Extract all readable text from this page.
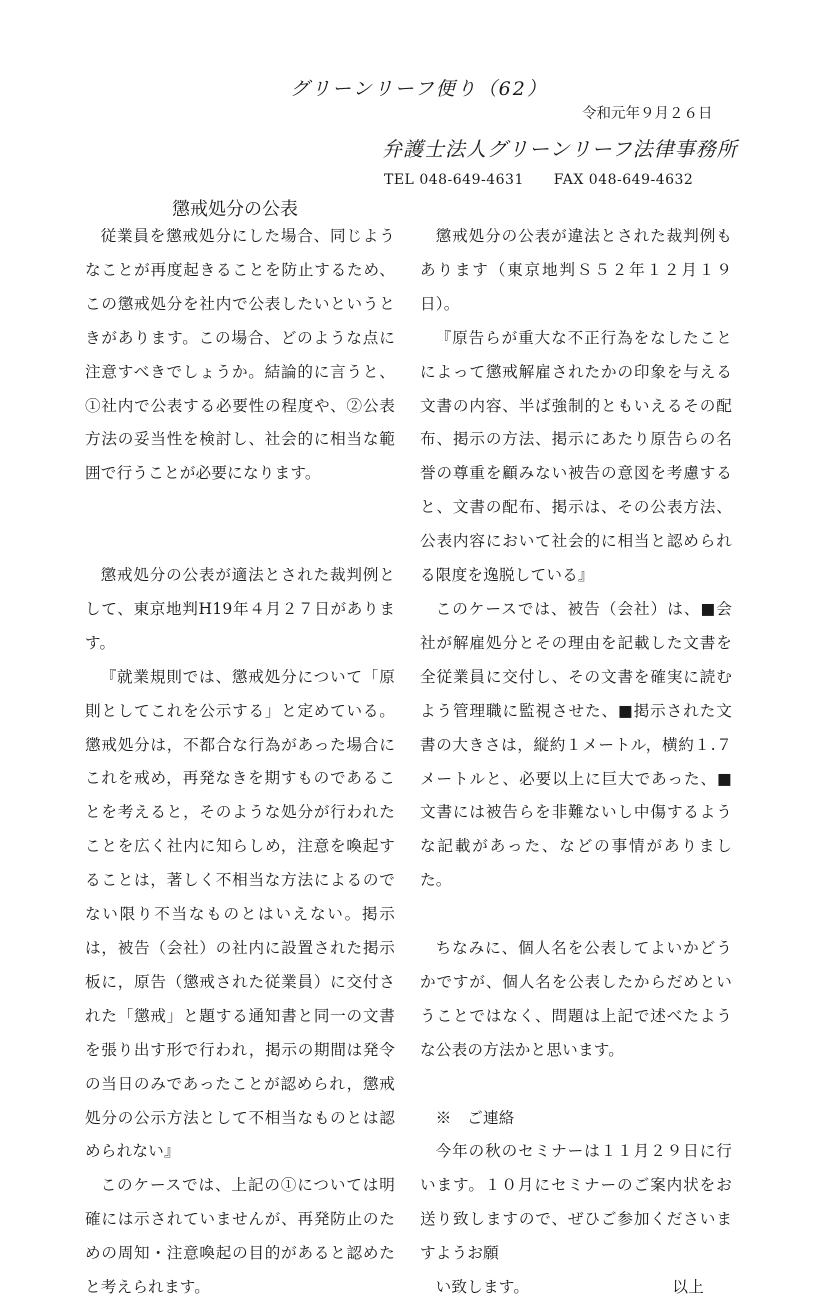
グリーンリーフ便り（62）
令和元年９月２６日
弁護士法人グリーンリーフ法律事務所
TEL 048‐649‐4631 FAX 048‐649‐4632
懲戒処分の公表

従業員を懲戒処分にした場合、同じようなことが再度起きることを防止するため、この懲戒処分を社内で公表したいというときがあります。この場合、どのような点に注意すべきでしょうか。結論的に言うと、①社内で公表する必要性の程度や、②公表方法の妥当性を検討し、社会的に相当な範囲で行うことが必要になります。

懲戒処分の公表が適法とされた裁判例として、東京地判H19年４月２７日があります。

『就業規則では、懲戒処分について「原則としてこれを公示する」と定めている。懲戒処分は，不都合な行為があった場合にこれを戒め，再発なきを期すものであることを考えると，そのような処分が行われたことを広く社内に知らしめ，注意を喚起することは，著しく不相当な方法によるのでない限り不当なものとはいえない。掲示は，被告（会社）の社内に設置された掲示板に，原告（懲戒された従業員）に交付された「懲戒」と題する通知書と同一の文書を張り出す形で行われ，掲示の期間は発令の当日のみであったことが認められ，懲戒処分の公示方法として不相当なものとは認められない』

このケースでは、上記の①については明確には示されていませんが、再発防止のための周知・注意喚起の目的があると認めたと考えられます。

懲戒処分の公表が違法とされた裁判例もあります（東京地判Ｓ５２年１２月１９日）。

『原告らが重大な不正行為をなしたことによって懲戒解雇されたかの印象を与える文書の内容、半ば強制的ともいえるその配布、掲示の方法、掲示にあたり原告らの名誉の尊重を顧みない被告の意図を考慮すると、文書の配布、掲示は、その公表方法、公表内容において社会的に相当と認められる限度を逸脱している』

このケースでは、被告（会社）は、■会社が解雇処分とその理由を記載した文書を全従業員に交付し、その文書を確実に読むよう管理職に監視させた、■掲示された文書の大きさは，縦約１メートル，横約１.７メートルと、必要以上に巨大であった、■文書には被告らを非難ないし中傷するような記載があった、などの事情がありました。

ちなみに、個人名を公表してよいかどうかですが、個人名を公表したからだめということではなく、問題は上記で述べたような公表の方法かと思います。

※　ご連絡

今年の秋のセミナーは１１月２９日に行います。１０月にセミナーのご案内状をお送り致しますので、ぜひご参加くださいますようお願

い致します。	以上
